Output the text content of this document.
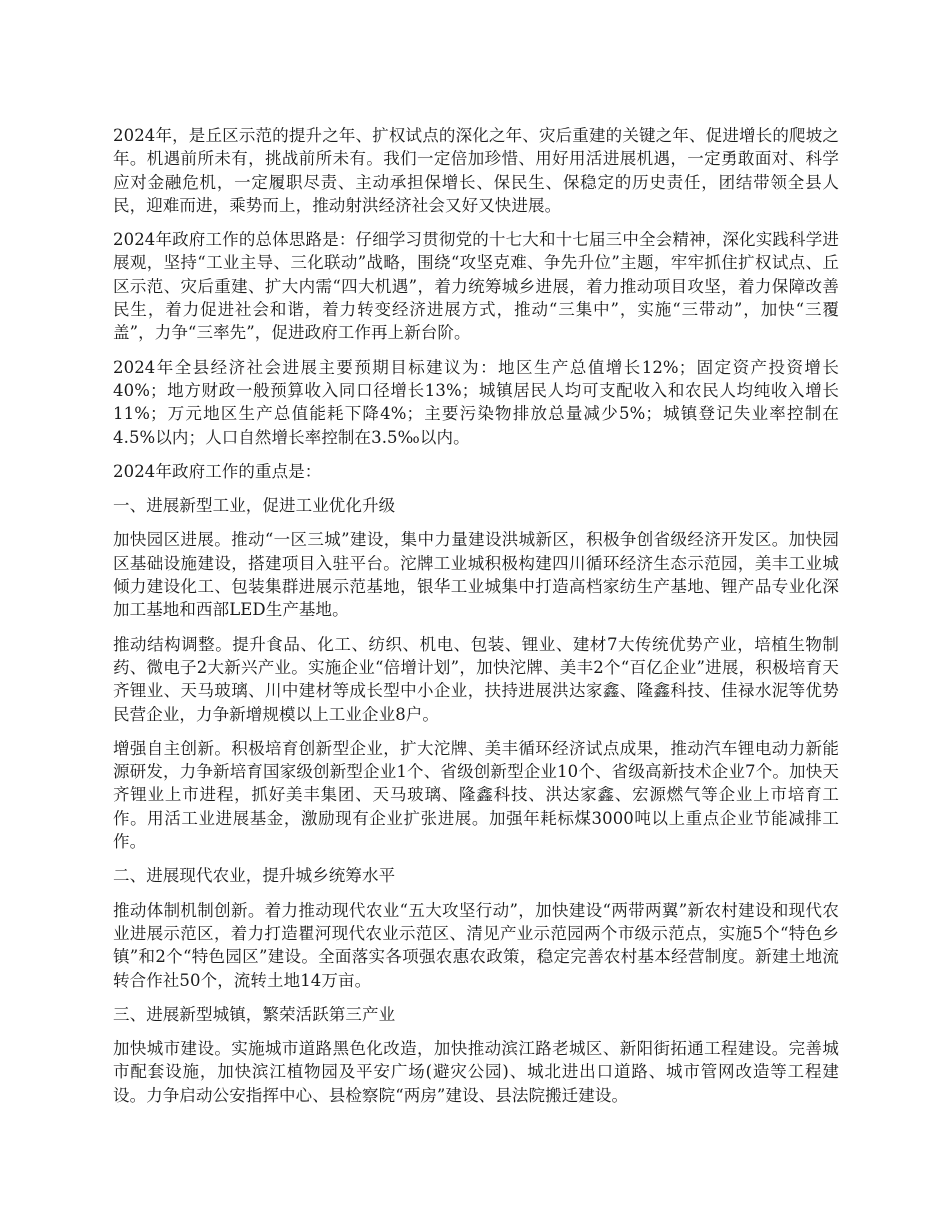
2024年，是丘区示范的提升之年、扩权试点的深化之年、灾后重建的关键之年、促进增长的爬坡之年。机遇前所未有，挑战前所未有。我们一定倍加珍惜、用好用活进展机遇，一定勇敢面对、科学应对金融危机，一定履职尽责、主动承担保增长、保民生、保稳定的历史责任，团结带领全县人民，迎难而进，乘势而上，推动射洪经济社会又好又快进展。

2024年政府工作的总体思路是：仔细学习贯彻党的十七大和十七届三中全会精神，深化实践科学进展观，坚持“工业主导、三化联动”战略，围绕“攻坚克难、争先升位”主题，牢牢抓住扩权试点、丘区示范、灾后重建、扩大内需“四大机遇”，着力统筹城乡进展，着力推动项目攻坚，着力保障改善民生，着力促进社会和谐，着力转变经济进展方式，推动“三集中”，实施“三带动”，加快“三覆盖”，力争“三率先”，促进政府工作再上新台阶。

2024年全县经济社会进展主要预期目标建议为：地区生产总值增长12%；固定资产投资增长40%；地方财政一般预算收入同口径增长13%；城镇居民人均可支配收入和农民人均纯收入增长11%；万元地区生产总值能耗下降4%；主要污染物排放总量减少5%；城镇登记失业率控制在4.5%以内；人口自然增长率控制在3.5‰以内。

2024年政府工作的重点是：

一、进展新型工业，促进工业优化升级

加快园区进展。推动“一区三城”建设，集中力量建设洪城新区，积极争创省级经济开发区。加快园区基础设施建设，搭建项目入驻平台。沱牌工业城积极构建四川循环经济生态示范园，美丰工业城倾力建设化工、包装集群进展示范基地，银华工业城集中打造高档家纺生产基地、锂产品专业化深加工基地和西部LED生产基地。

推动结构调整。提升食品、化工、纺织、机电、包装、锂业、建材7大传统优势产业，培植生物制药、微电子2大新兴产业。实施企业“倍增计划”，加快沱牌、美丰2个“百亿企业”进展，积极培育天齐锂业、天马玻璃、川中建材等成长型中小企业，扶持进展洪达家鑫、隆鑫科技、佳禄水泥等优势民营企业，力争新增规模以上工业企业8户。

增强自主创新。积极培育创新型企业，扩大沱牌、美丰循环经济试点成果，推动汽车锂电动力新能源研发，力争新培育国家级创新型企业1个、省级创新型企业10个、省级高新技术企业7个。加快天齐锂业上市进程，抓好美丰集团、天马玻璃、隆鑫科技、洪达家鑫、宏源燃气等企业上市培育工作。用活工业进展基金，激励现有企业扩张进展。加强年耗标煤3000吨以上重点企业节能减排工作。

二、进展现代农业，提升城乡统筹水平

推动体制机制创新。着力推动现代农业“五大攻坚行动”，加快建设“两带两翼”新农村建设和现代农业进展示范区，着力打造瞿河现代农业示范区、清见产业示范园两个市级示范点，实施5个“特色乡镇”和2个“特色园区”建设。全面落实各项强农惠农政策，稳定完善农村基本经营制度。新建土地流转合作社50个，流转土地14万亩。

三、进展新型城镇，繁荣活跃第三产业

加快城市建设。实施城市道路黑色化改造，加快推动滨江路老城区、新阳街拓通工程建设。完善城市配套设施，加快滨江植物园及平安广场(避灾公园)、城北进出口道路、城市管网改造等工程建设。力争启动公安指挥中心、县检察院“两房”建设、县法院搬迁建设。
